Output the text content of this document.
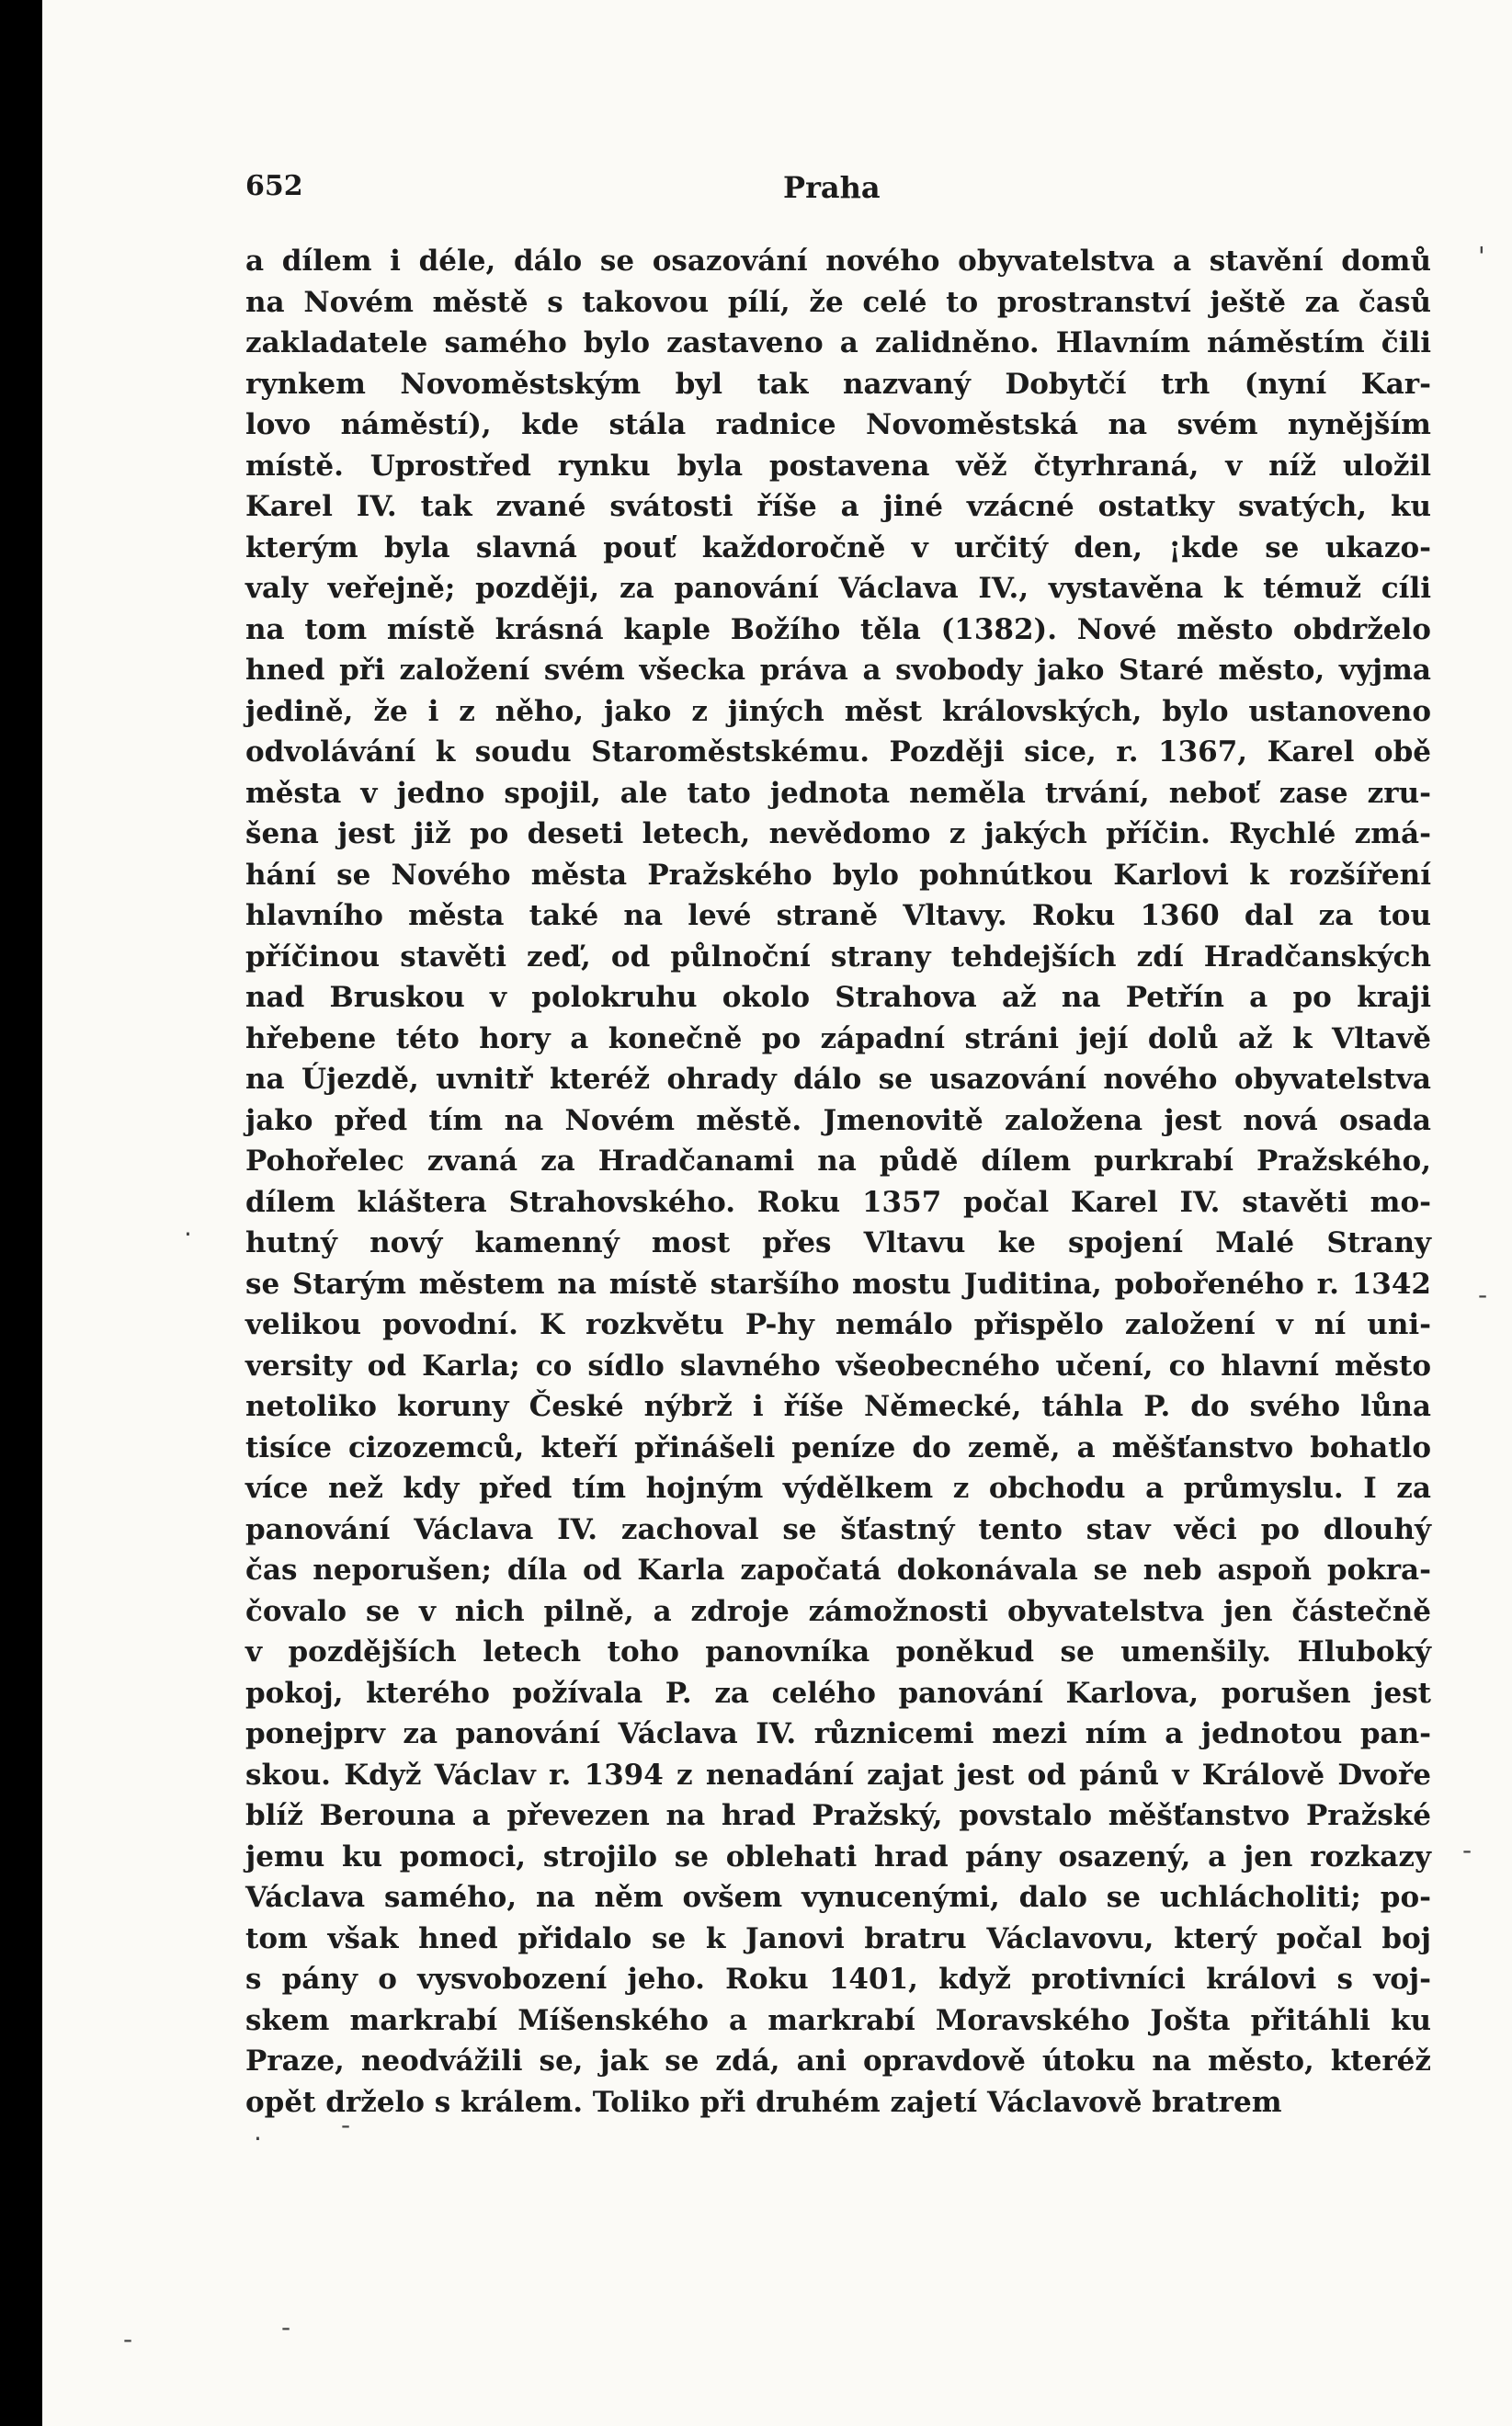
652	Praha
a dílem i déle, dálo se osazování nového obyvatelstva a stavění domů
na Novém městě s takovou pílí, že celé to prostranství ještě za časů
zakladatele samého bylo zastaveno a zalidněno. Hlavním náměstím čili
rynkem Novoměstským byl tak nazvaný Dobytčí trh (nyní Kar-
lovo náměstí), kde stála radnice Novoměstská na svém nynějším
místě. Uprostřed rynku byla postavena věž čtyrhraná, v níž uložil
Karel IV. tak zvané svátosti říše a jiné vzácné ostatky svatých, ku
kterým byla slavná pouť každoročně v určitý den, ¡kde se ukazo-
valy veřejně; později, za panování Václava IV., vystavěna k témuž cíli
na tom místě krásná kaple Božího těla (1382). Nové město obdrželo
hned při založení svém všecka práva a svobody jako Staré město, vyjma
jedině, že i z něho, jako z jiných měst královských, bylo ustanoveno
odvolávání k soudu Staroměstskému. Později sice, r. 1367, Karel obě
města v jedno spojil, ale tato jednota neměla trvání, neboť zase zru-
šena jest již po deseti letech, nevědomo z jakých příčin. Rychlé zmá-
hání se Nového města Pražského bylo pohnútkou Karlovi k rozšíření
hlavního města také na levé straně Vltavy. Roku 1360 dal za tou
příčinou stavěti zeď, od půlnoční strany tehdejších zdí Hradčanských
nad Bruskou v polokruhu okolo Strahova až na Petřín a po kraji
hřebene této hory a konečně po západní stráni její dolů až k Vltavě
na Újezdě, uvnitř kteréž ohrady dálo se usazování nového obyvatelstva
jako před tím na Novém městě. Jmenovitě založena jest nová osada
Pohořelec zvaná za Hradčanami na půdě dílem purkrabí Pražského,
dílem kláštera Strahovského. Roku 1357 počal Karel IV. stavěti mo-
hutný nový kamenný most přes Vltavu ke spojení Malé Strany
se Starým městem na místě staršího mostu Juditina, pobořeného r. 1342
velikou povodní. K rozkvětu P-hy nemálo přispělo založení v ní uni-
versity od Karla; co sídlo slavného všeobecného učení, co hlavní město
netoliko koruny České nýbrž i říše Německé, táhla P. do svého lůna
tisíce cizozemců, kteří přinášeli peníze do země, a měšťanstvo bohatlo
více než kdy před tím hojným výdělkem z obchodu a průmyslu. I za
panování Václava IV. zachoval se šťastný tento stav věci po dlouhý
čas neporušen; díla od Karla započatá dokonávala se neb aspoň pokra-
čovalo se v nich pilně, a zdroje zámožnosti obyvatelstva jen částečně
v pozdějších letech toho panovníka poněkud se umenšily. Hluboký
pokoj, kterého požívala P. za celého panování Karlova, porušen jest
ponejprv za panování Václava IV. různicemi mezi ním a jednotou pan-
skou. Když Václav r. 1394 z nenadání zajat jest od pánů v Králově Dvoře
blíž Berouna a převezen na hrad Pražský, povstalo měšťanstvo Pražské
jemu ku pomoci, strojilo se oblehati hrad pány osazený, a jen rozkazy
Václava samého, na něm ovšem vynucenými, dalo se uchlácholiti; po-
tom však hned přidalo se k Janovi bratru Václavovu, který počal boj
s pány o vysvobození jeho. Roku 1401, když protivníci královi s voj-
skem markrabí Míšenského a markrabí Moravského Jošta přitáhli ku
Praze, neodvážili se, jak se zdá, ani opravdově útoku na město, kteréž
opět drželo s králem. Toliko při druhém zajetí Václavově bratrem
'
-
-
.
-
-
·
-
